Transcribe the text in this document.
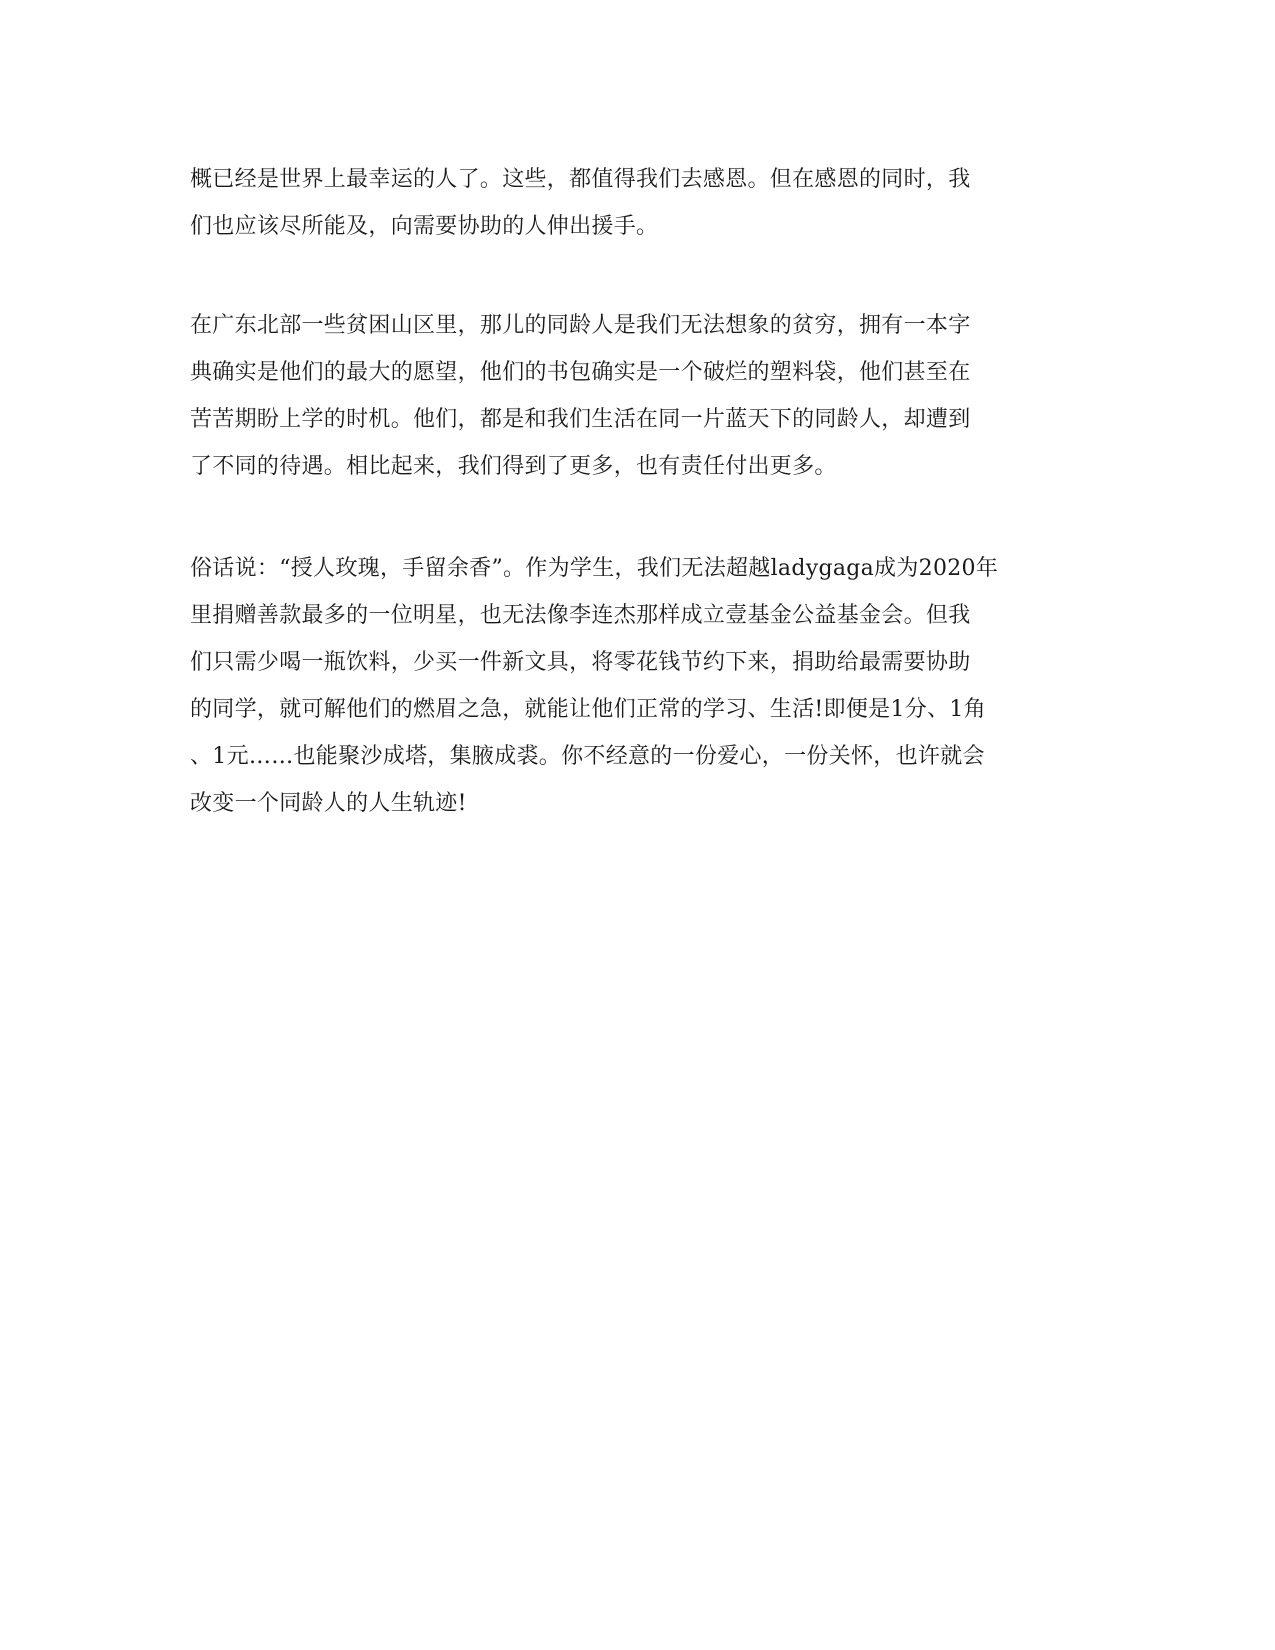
概已经是世界上最幸运的人了。这些，都值得我们去感恩。但在感恩的同时，我
们也应该尽所能及，向需要协助的人伸出援手。
在广东北部一些贫困山区里，那儿的同龄人是我们无法想象的贫穷，拥有一本字
典确实是他们的最大的愿望，他们的书包确实是一个破烂的塑料袋，他们甚至在
苦苦期盼上学的时机。他们，都是和我们生活在同一片蓝天下的同龄人，却遭到
了不同的待遇。相比起来，我们得到了更多，也有责任付出更多。
俗话说：“授人玫瑰，手留余香”。作为学生，我们无法超越ladygaga成为2020年
里捐赠善款最多的一位明星，也无法像李连杰那样成立壹基金公益基金会。但我
们只需少喝一瓶饮料，少买一件新文具，将零花钱节约下来，捐助给最需要协助
的同学，就可解他们的燃眉之急，就能让他们正常的学习、生活!即便是1分、1角
、1元……也能聚沙成塔，集腋成裘。你不经意的一份爱心，一份关怀，也许就会
改变一个同龄人的人生轨迹!
